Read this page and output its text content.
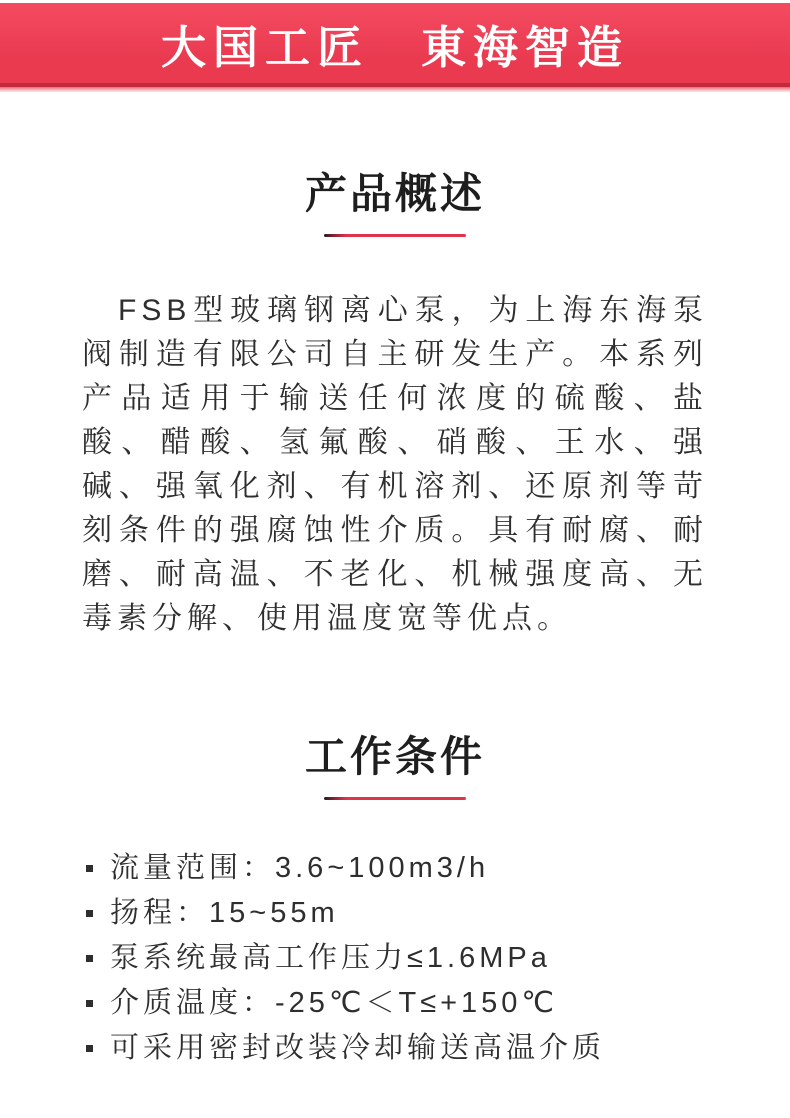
大国工匠　東海智造
产品概述

FSB型玻璃钢离心泵，为上海东海泵阀制造有限公司自主研发生产。本系列产品适用于输送任何浓度的硫酸、盐酸、醋酸、氢氟酸、硝酸、王水、强碱、强氧化剂、有机溶剂、还原剂等苛刻条件的强腐蚀性介质。具有耐腐、耐磨、耐高温、不老化、机械强度高、无毒素分解、使用温度宽等优点。

工作条件
流量范围：3.6~100m3/h
扬程：15~55m
泵系统最高工作压力≤1.6MPa
介质温度：-25℃＜T≤+150℃
可采用密封改装冷却输送高温介质
